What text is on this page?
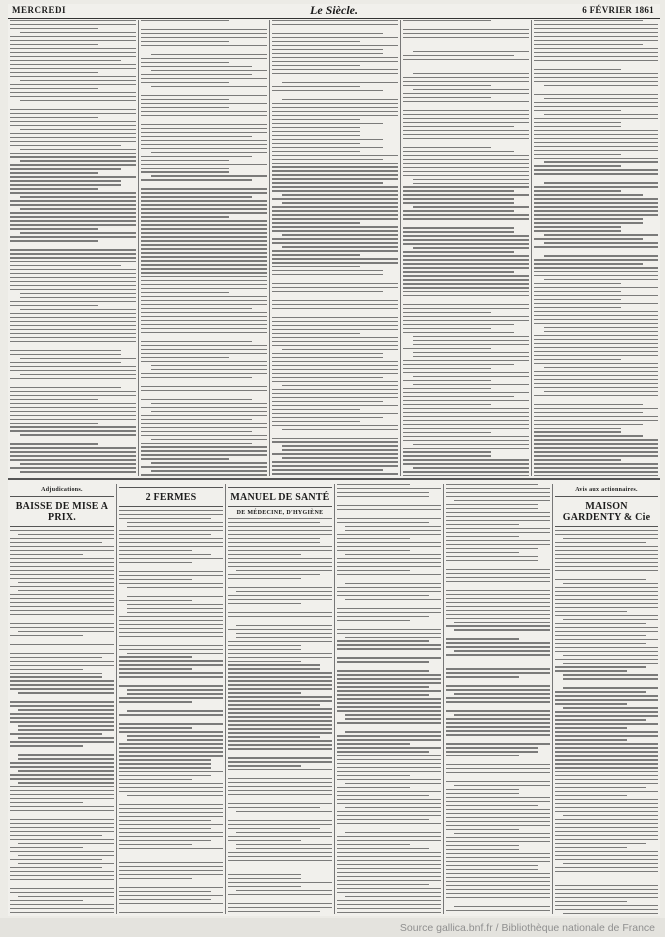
MERCREDI	Le Siècle.	6 FÉVRIER 1861
Adjudications.
BAISSE DE MISE A PRIX.
2 FERMES	MANUEL DE SANTÉ
DE MÉDECINE, D'HYGIÈNE
Avis aux actionnaires.
MAISON GARDENTY & Cie
Source gallica.bnf.fr / Bibliothèque nationale de France
